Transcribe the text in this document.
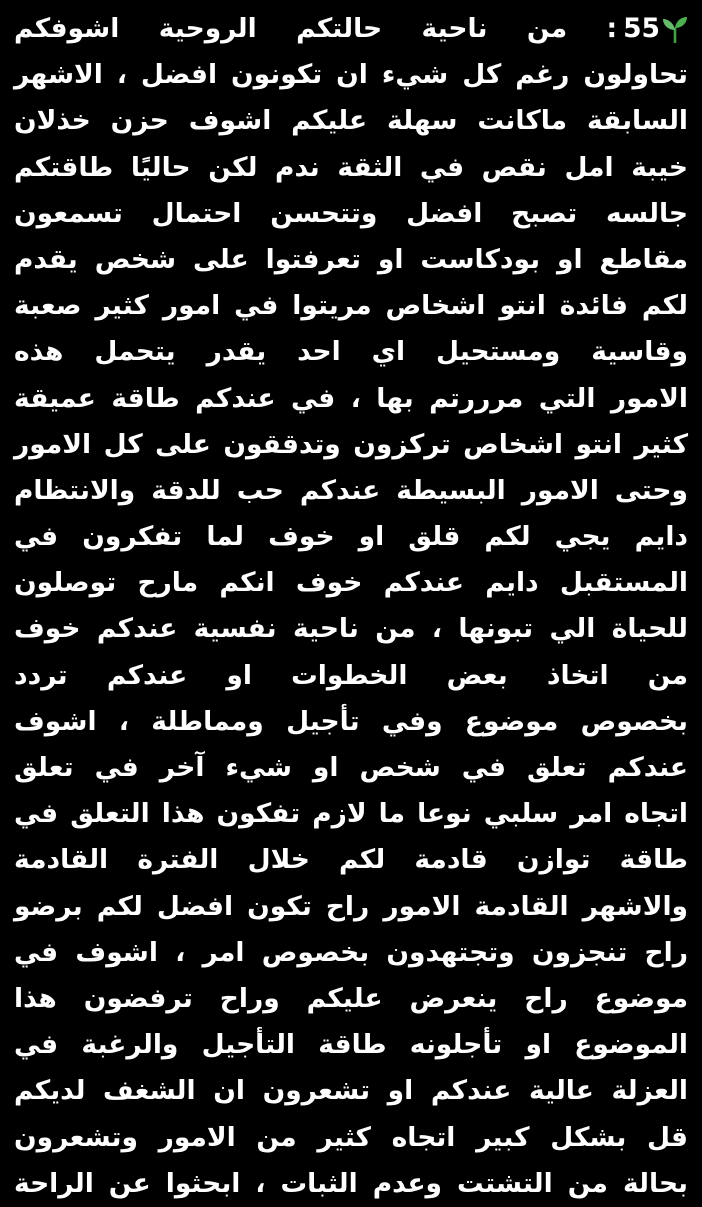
55
: من ناحية حالتكم الروحية اشوفكم
تحاولون رغم كل شيء ان تكونون افضل ، الاشهر
السابقة ماكانت سهلة عليكم اشوف حزن خذلان
خيبة امل نقص في الثقة ندم لكن حاليًا طاقتكم
جالسه تصبح افضل وتتحسن احتمال تسمعون
مقاطع او بودكاست او تعرفتوا على شخص يقدم
لكم فائدة انتو اشخاص مريتوا في امور كثير صعبة
وقاسية ومستحيل اي احد يقدر يتحمل هذه
الامور التي مرررتم بها ، في عندكم طاقة عميقة
كثير انتو اشخاص تركزون وتدققون على كل الامور
وحتى الامور البسيطة عندكم حب للدقة والانتظام
دايم يجي لكم قلق او خوف لما تفكرون في
المستقبل دايم عندكم خوف انكم مارح توصلون
للحياة الي تبونها ، من ناحية نفسية عندكم خوف
من اتخاذ بعض الخطوات او عندكم تردد
بخصوص موضوع وفي تأجيل ومماطلة ، اشوف
عندكم تعلق في شخص او شيء آخر في تعلق
اتجاه امر سلبي نوعا ما لازم تفكون هذا التعلق في
طاقة توازن قادمة لكم خلال الفترة القادمة
والاشهر القادمة الامور راح تكون افضل لكم برضو
راح تنجزون وتجتهدون بخصوص امر ، اشوف في
موضوع راح ينعرض عليكم وراح ترفضون هذا
الموضوع او تأجلونه طاقة التأجيل والرغبة في
العزلة عالية عندكم او تشعرون ان الشغف لديكم
قل بشكل كبير اتجاه كثير من الامور وتشعرون
بحالة من التشتت وعدم الثبات ، ابحثوا عن الراحة
